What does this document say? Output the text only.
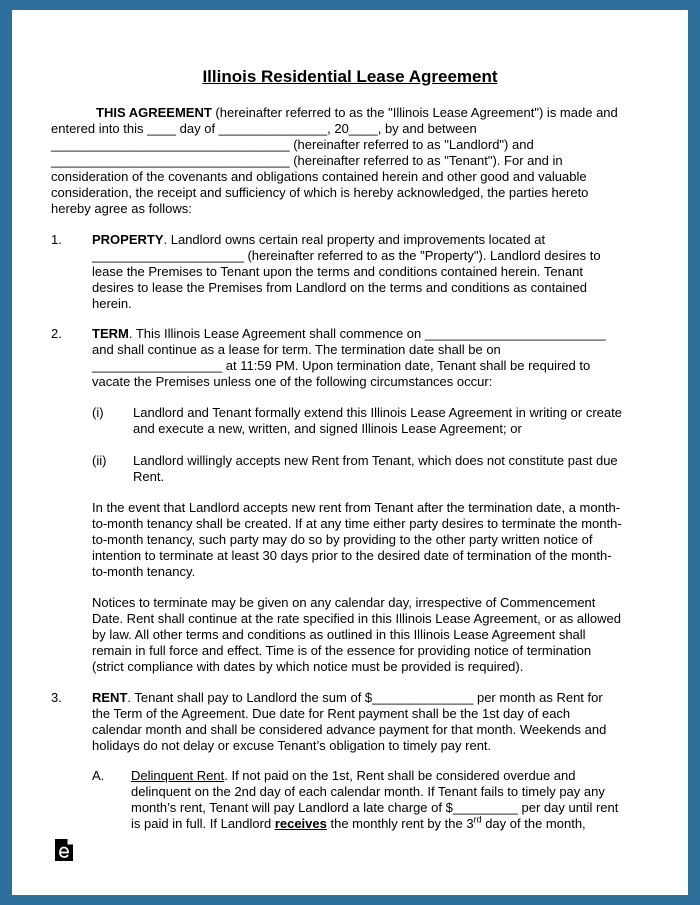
Illinois Residential Lease Agreement
THIS AGREEMENT (hereinafter referred to as the "Illinois Lease Agreement") is made and
entered into this ____ day of _______________, 20____, by and between
_________________________________ (hereinafter referred to as "Landlord") and
_________________________________ (hereinafter referred to as "Tenant"). For and in
consideration of the covenants and obligations contained herein and other good and valuable
consideration, the receipt and sufficiency of which is hereby acknowledged, the parties hereto
hereby agree as follows:
1. PROPERTY. Landlord owns certain real property and improvements located at
_____________________ (hereinafter referred to as the "Property"). Landlord desires to
lease the Premises to Tenant upon the terms and conditions contained herein. Tenant
desires to lease the Premises from Landlord on the terms and conditions as contained
herein.
2. TERM. This Illinois Lease Agreement shall commence on _________________________
and shall continue as a lease for term. The termination date shall be on
__________________ at 11:59 PM. Upon termination date, Tenant shall be required to
vacate the Premises unless one of the following circumstances occur:
(i) Landlord and Tenant formally extend this Illinois Lease Agreement in writing or create
and execute a new, written, and signed Illinois Lease Agreement; or
(ii) Landlord willingly accepts new Rent from Tenant, which does not constitute past due
Rent.
In the event that Landlord accepts new rent from Tenant after the termination date, a month-
to-month tenancy shall be created. If at any time either party desires to terminate the month-
to-month tenancy, such party may do so by providing to the other party written notice of
intention to terminate at least 30 days prior to the desired date of termination of the month-
to-month tenancy.
Notices to terminate may be given on any calendar day, irrespective of Commencement
Date. Rent shall continue at the rate specified in this Illinois Lease Agreement, or as allowed
by law. All other terms and conditions as outlined in this Illinois Lease Agreement shall
remain in full force and effect. Time is of the essence for providing notice of termination
(strict compliance with dates by which notice must be provided is required).
3. RENT. Tenant shall pay to Landlord the sum of $______________ per month as Rent for
the Term of the Agreement. Due date for Rent payment shall be the 1st day of each
calendar month and shall be considered advance payment for that month. Weekends and
holidays do not delay or excuse Tenant’s obligation to timely pay rent.
A. Delinquent Rent. If not paid on the 1st, Rent shall be considered overdue and
delinquent on the 2nd day of each calendar month. If Tenant fails to timely pay any
month’s rent, Tenant will pay Landlord a late charge of $_________ per day until rent
is paid in full. If Landlord receives the monthly rent by the 3rd day of the month,
